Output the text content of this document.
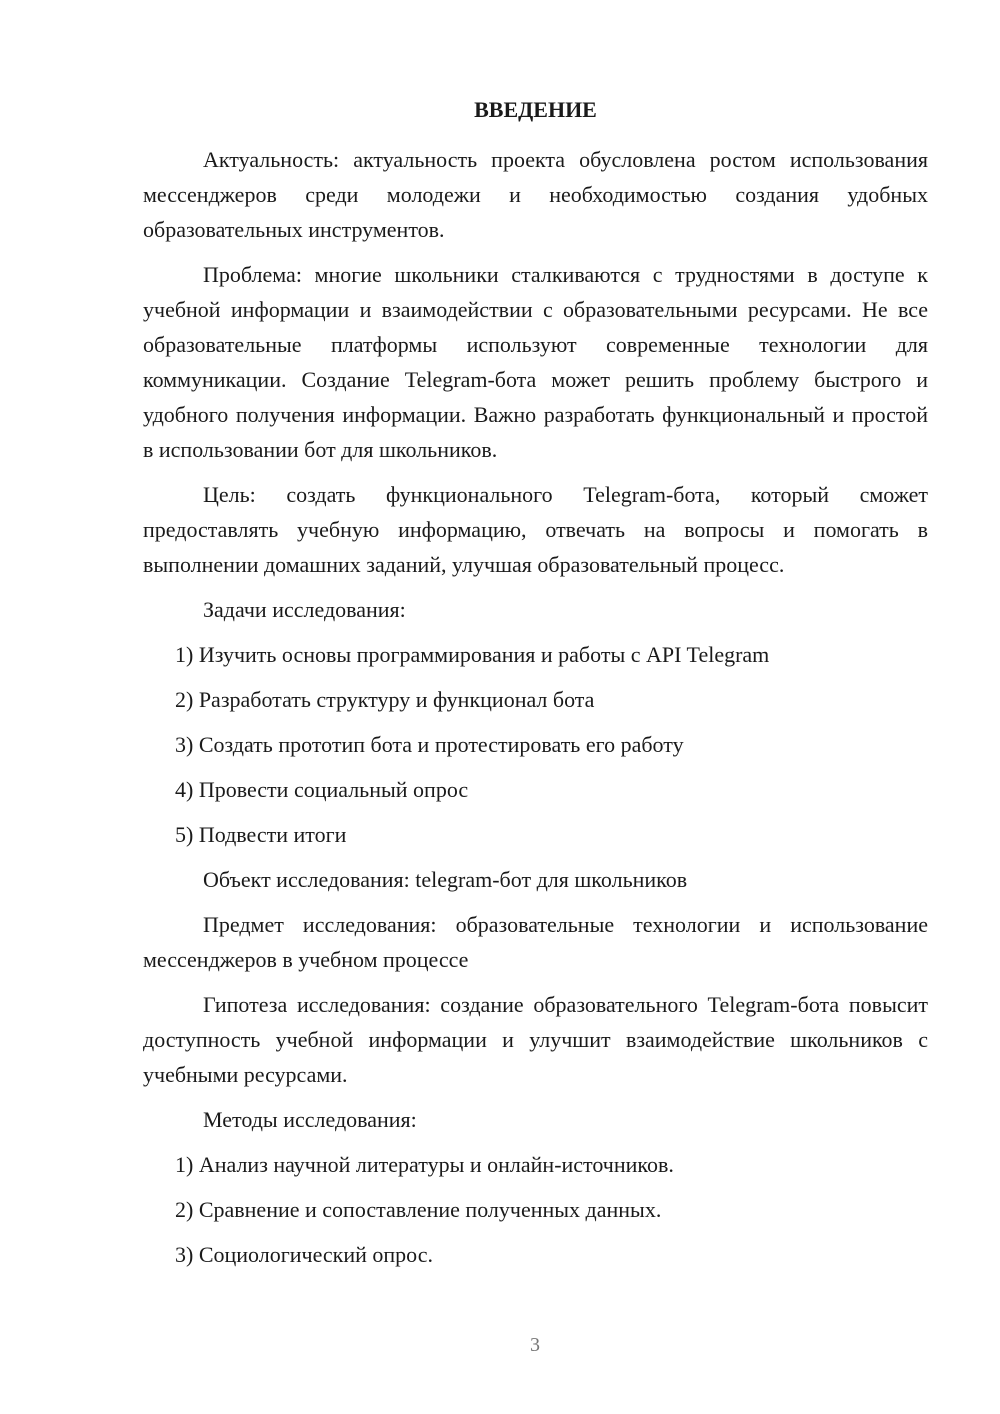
ВВЕДЕНИЕ

Актуальность: актуальность проекта обусловлена ростом использования мессенджеров среди молодежи и необходимостью создания удобных образовательных инструментов.

Проблема: многие школьники сталкиваются с трудностями в доступе к учебной информации и взаимодействии с образовательными ресурсами. Не все образовательные платформы используют современные технологии для коммуникации. Создание Telegram-бота может решить проблему быстрого и удобного получения информации. Важно разработать функциональный и простой в использовании бот для школьников.

Цель: создать функционального Telegram-бота, который сможет предоставлять учебную информацию, отвечать на вопросы и помогать в выполнении домашних заданий, улучшая образовательный процесс.

Задачи исследования:

1) Изучить основы программирования и работы с API Telegram

2) Разработать структуру и функционал бота

3) Создать прототип бота и протестировать его работу

4) Провести социальный опрос

5) Подвести итоги

Объект исследования: telegram-бот для школьников

Предмет исследования: образовательные технологии и использование мессенджеров в учебном процессе

Гипотеза исследования: создание образовательного Telegram-бота повысит доступность учебной информации и улучшит взаимодействие школьников с учебными ресурсами.

Методы исследования:

1) Анализ научной литературы и онлайн-источников.

2) Сравнение и сопоставление полученных данных.

3) Социологический опрос.

3
